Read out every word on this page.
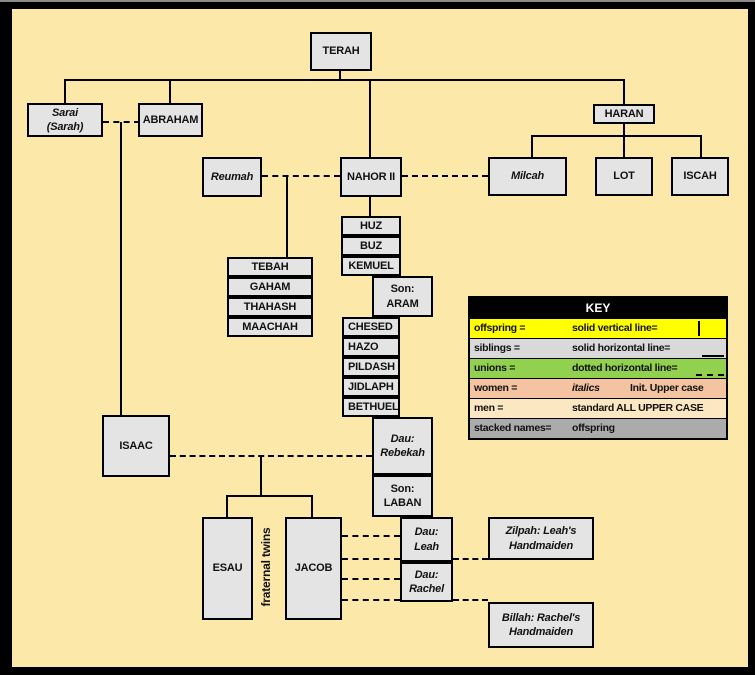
TERAH
Sarai
(Sarah)
ABRAHAM	HARAN
Reumah	NAHOR II	Milcah	LOT	ISCAH
HUZ
BUZ
KEMUEL
Son:
ARAM
TEBAH
GAHAM
THAHASH
MAACHAH	CHESED
HAZO
PILDASH
JIDLAPH
BETHUEL
Dau:
Rebekah
Son:
LABAN
Dau:
Leah
Dau:
Rachel
ISAAC
ESAU	JACOB
fraternal twins	Zilpah: Leah's
Handmaiden
Billah: Rachel's
Handmaiden
KEY
offspring =	solid vertical line=
siblings =	solid horizontal line=
unions =	dotted horizontal line=
women =	italics	Init. Upper case
men =	standard ALL UPPER CASE
stacked names= offspring
